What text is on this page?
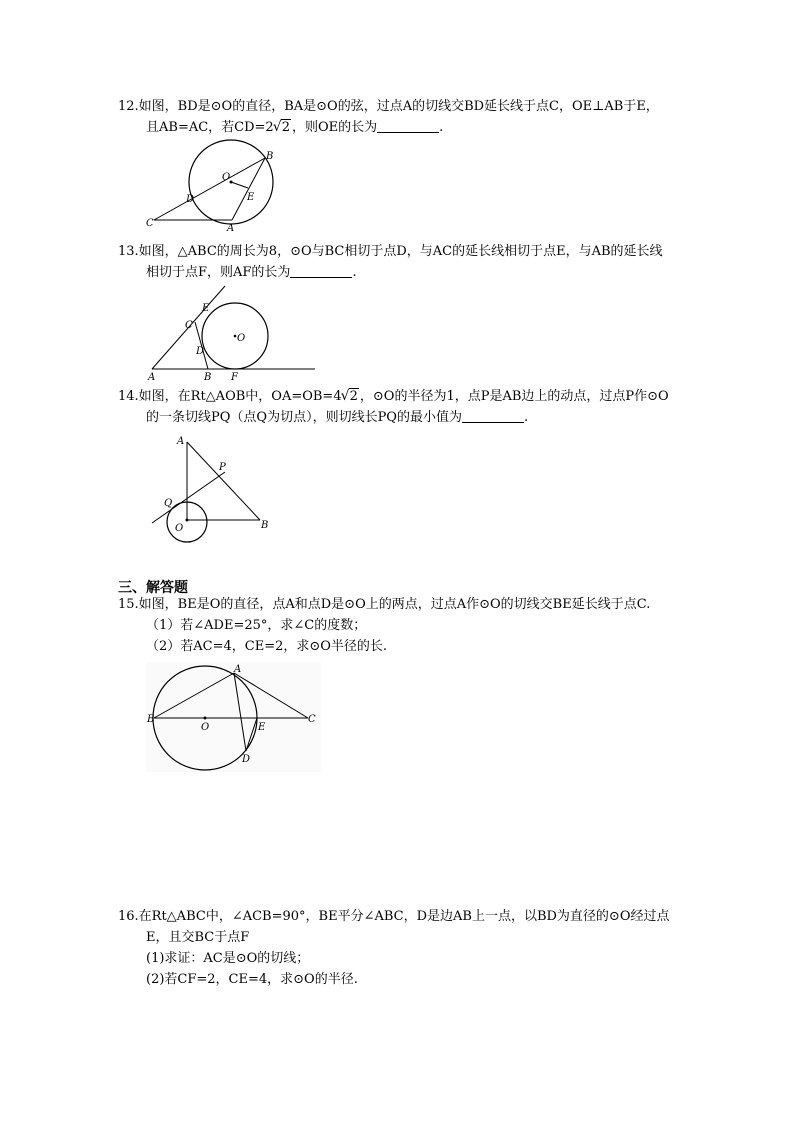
12.如图，BD是⊙O的直径，BA是⊙O的弦，过点A的切线交BD延长线于点C，OE⊥AB于E，
且AB=AC，若CD=2 √ 2 ，则OE的长为	.
O
B
D	E
C	A
13.如图，△ABC的周长为8，⊙O与BC相切于点D，与AC的延长线相切于点E，与AB的延长线
相切于点F，则AF的长为	.
E
C
D
O
A	B F
14.如图，在Rt△AOB中，OA=OB=4 √ 2 ，⊙O的半径为1，点P是AB边上的动点，过点P作⊙O
的一条切线PQ（点Q为切点），则切线长PQ的最小值为	.
A
P
Q
O	B
三、解答题
15.如图，BE是O的直径，点A和点D是⊙O上的两点，过点A作⊙O的切线交BE延长线于点C.
（1）若∠ADE=25°，求∠C的度数；
（2）若AC=4，CE=2，求⊙O半径的长.
A
B
O	E
C
D
16.在Rt△ABC中，∠ACB=90°，BE平分∠ABC，D是边AB上一点，以BD为直径的⊙O经过点
E，且交BC于点F
(1)求证：AC是⊙O的切线；
(2)若CF=2，CE=4，求⊙O的半径.
